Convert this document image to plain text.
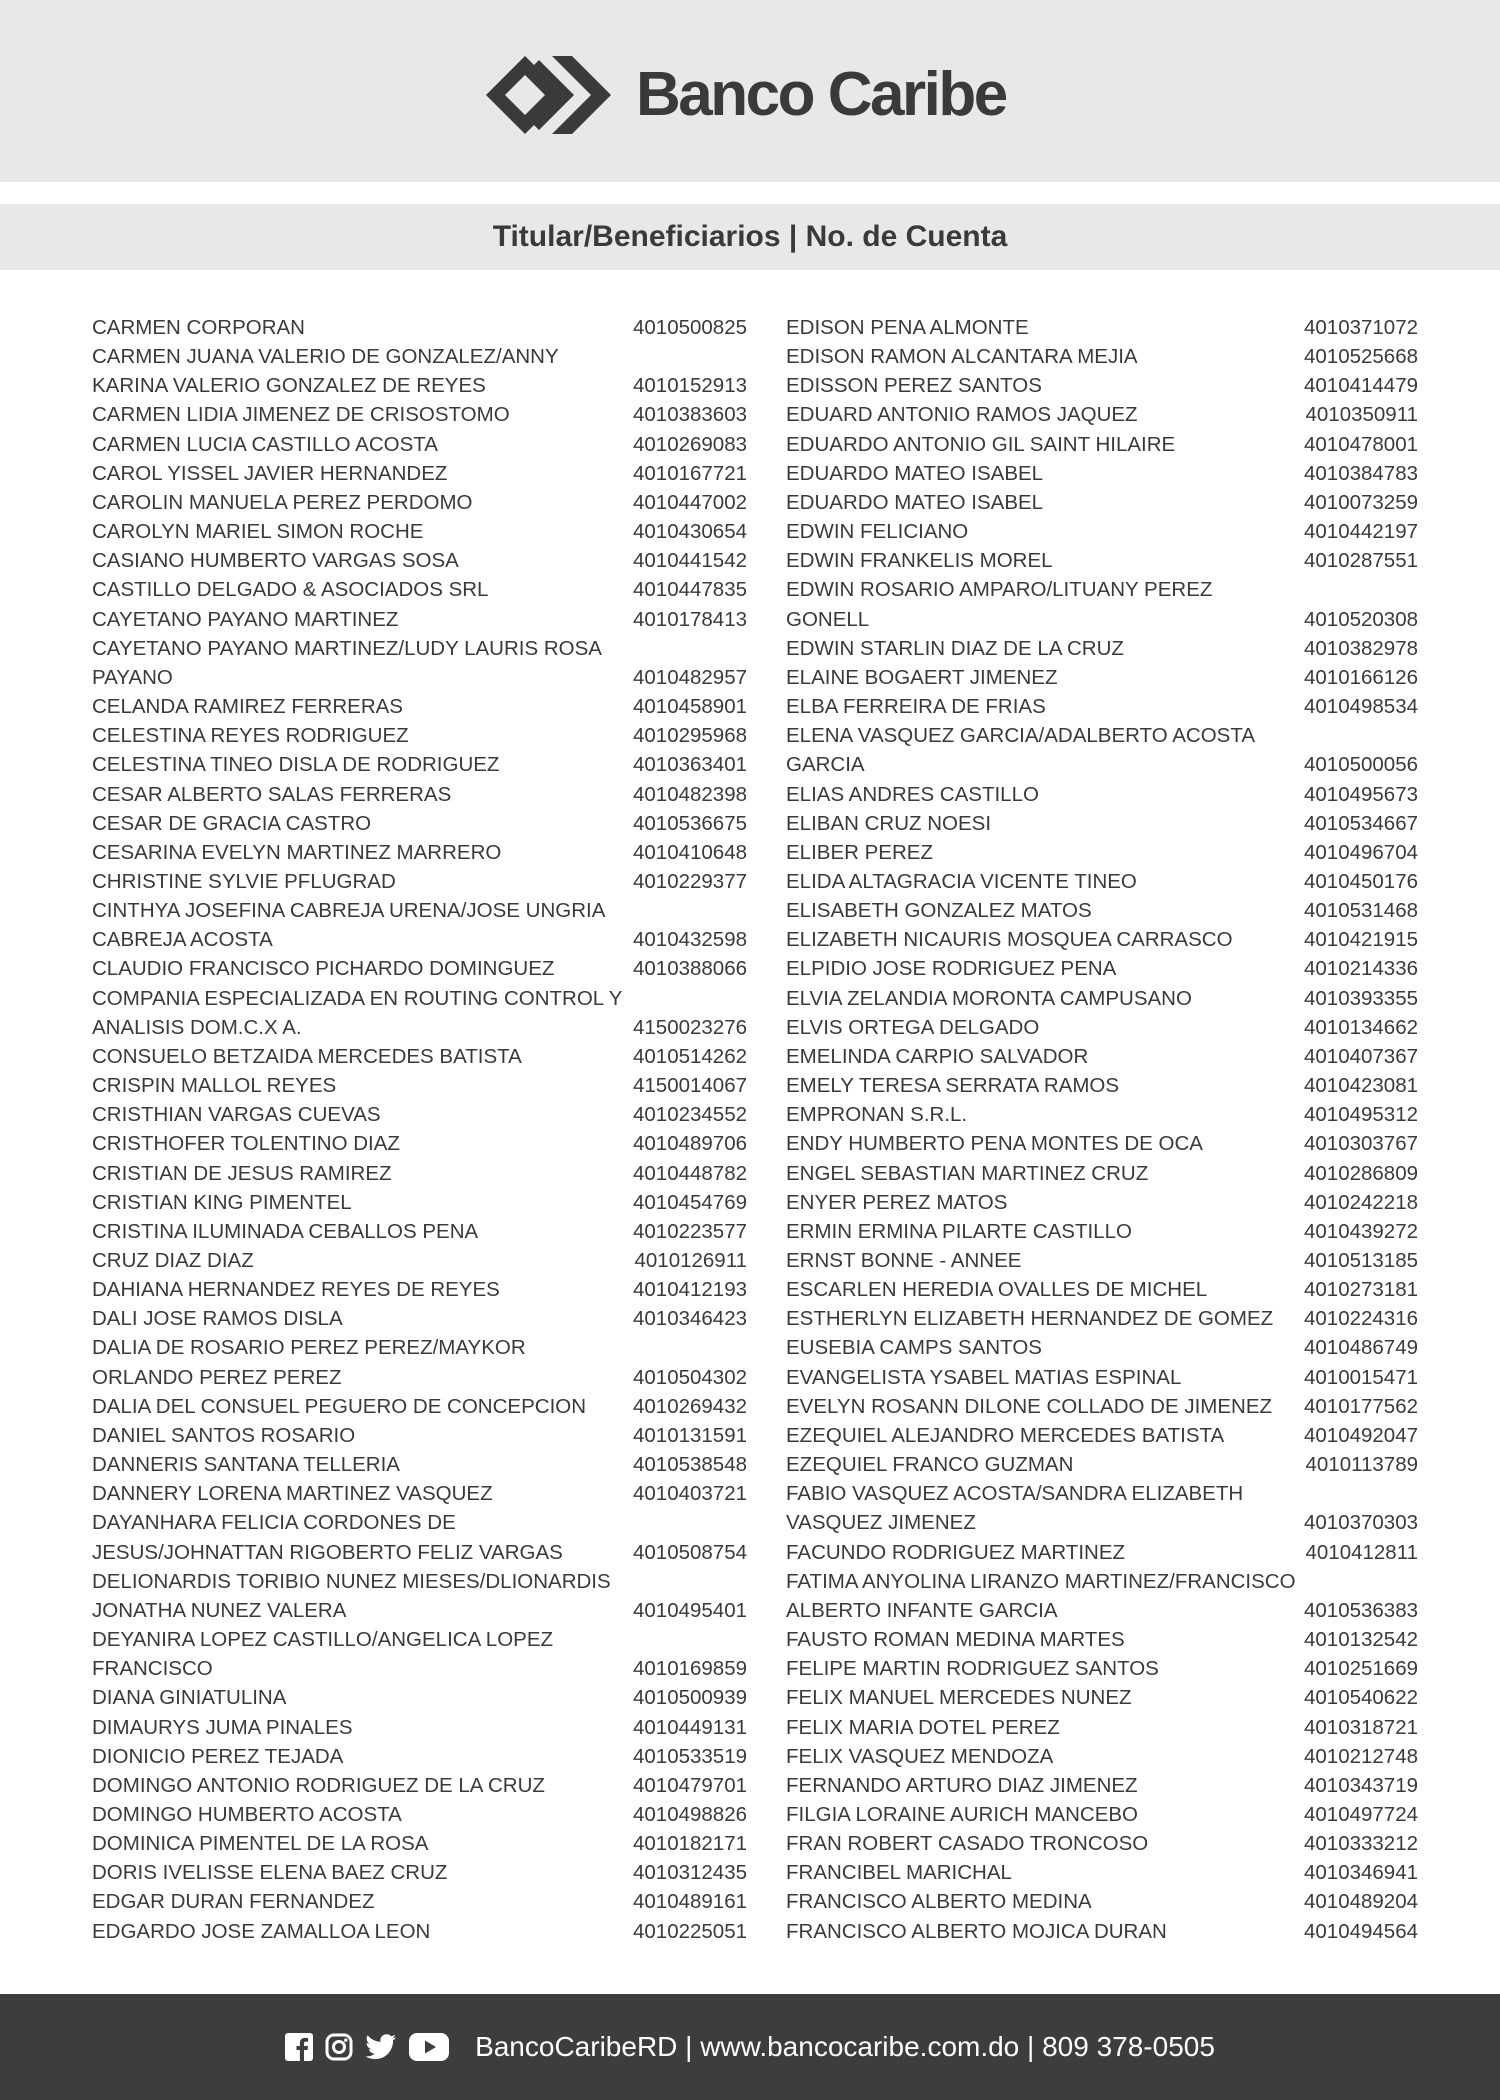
Banco Caribe
Titular/Beneficiarios | No. de Cuenta
CARMEN CORPORAN	4010500825
CARMEN JUANA VALERIO DE GONZALEZ/ANNY KARINA VALERIO GONZALEZ DE REYES	4010152913
CARMEN LIDIA JIMENEZ DE CRISOSTOMO	4010383603
CARMEN LUCIA CASTILLO ACOSTA	4010269083
CAROL YISSEL JAVIER HERNANDEZ	4010167721
CAROLIN MANUELA PEREZ PERDOMO	4010447002
CAROLYN MARIEL SIMON ROCHE	4010430654
CASIANO HUMBERTO VARGAS SOSA	4010441542
CASTILLO DELGADO & ASOCIADOS SRL	4010447835
CAYETANO PAYANO MARTINEZ	4010178413
CAYETANO PAYANO MARTINEZ/LUDY LAURIS ROSA PAYANO	4010482957
CELANDA RAMIREZ FERRERAS	4010458901
CELESTINA REYES RODRIGUEZ	4010295968
CELESTINA TINEO DISLA DE RODRIGUEZ	4010363401
CESAR ALBERTO SALAS FERRERAS	4010482398
CESAR DE GRACIA CASTRO	4010536675
CESARINA EVELYN MARTINEZ MARRERO	4010410648
CHRISTINE SYLVIE PFLUGRAD	4010229377
CINTHYA JOSEFINA CABREJA URENA/JOSE UNGRIA CABREJA ACOSTA	4010432598
CLAUDIO FRANCISCO PICHARDO DOMINGUEZ	4010388066
COMPANIA ESPECIALIZADA EN ROUTING CONTROL Y ANALISIS DOM.C.X A.	4150023276
CONSUELO BETZAIDA MERCEDES BATISTA	4010514262
CRISPIN MALLOL REYES	4150014067
CRISTHIAN VARGAS CUEVAS	4010234552
CRISTHOFER TOLENTINO DIAZ	4010489706
CRISTIAN DE JESUS RAMIREZ	4010448782
CRISTIAN KING PIMENTEL	4010454769
CRISTINA ILUMINADA CEBALLOS PENA	4010223577
CRUZ DIAZ DIAZ	4010126911
DAHIANA HERNANDEZ REYES DE REYES	4010412193
DALI JOSE RAMOS DISLA	4010346423
DALIA DE ROSARIO PEREZ PEREZ/MAYKOR ORLANDO PEREZ PEREZ	4010504302
DALIA DEL CONSUEL PEGUERO DE CONCEPCION	4010269432
DANIEL SANTOS ROSARIO	4010131591
DANNERIS SANTANA TELLERIA	4010538548
DANNERY LORENA MARTINEZ VASQUEZ	4010403721
DAYANHARA FELICIA CORDONES DE JESUS/JOHNATTAN RIGOBERTO FELIZ VARGAS	4010508754
DELIONARDIS TORIBIO NUNEZ MIESES/DLIONARDIS JONATHA NUNEZ VALERA	4010495401
DEYANIRA LOPEZ CASTILLO/ANGELICA LOPEZ FRANCISCO	4010169859
DIANA GINIATULINA	4010500939
DIMAURYS JUMA PINALES	4010449131
DIONICIO PEREZ TEJADA	4010533519
DOMINGO ANTONIO RODRIGUEZ DE LA CRUZ	4010479701
DOMINGO HUMBERTO ACOSTA	4010498826
DOMINICA PIMENTEL DE LA ROSA	4010182171
DORIS IVELISSE ELENA BAEZ CRUZ	4010312435
EDGAR DURAN FERNANDEZ	4010489161
EDGARDO JOSE ZAMALLOA LEON	4010225051
EDISON PENA ALMONTE	4010371072
EDISON RAMON ALCANTARA MEJIA	4010525668
EDISSON PEREZ SANTOS	4010414479
EDUARD ANTONIO RAMOS JAQUEZ	4010350911
EDUARDO ANTONIO GIL SAINT HILAIRE	4010478001
EDUARDO MATEO ISABEL	4010384783
EDUARDO MATEO ISABEL	4010073259
EDWIN FELICIANO	4010442197
EDWIN FRANKELIS MOREL	4010287551
EDWIN ROSARIO AMPARO/LITUANY PEREZ GONELL	4010520308
EDWIN STARLIN DIAZ DE LA CRUZ	4010382978
ELAINE BOGAERT JIMENEZ	4010166126
ELBA FERREIRA DE FRIAS	4010498534
ELENA VASQUEZ GARCIA/ADALBERTO ACOSTA GARCIA	4010500056
ELIAS ANDRES CASTILLO	4010495673
ELIBAN CRUZ NOESI	4010534667
ELIBER PEREZ	4010496704
ELIDA ALTAGRACIA VICENTE TINEO	4010450176
ELISABETH GONZALEZ MATOS	4010531468
ELIZABETH NICAURIS MOSQUEA CARRASCO	4010421915
ELPIDIO JOSE RODRIGUEZ PENA	4010214336
ELVIA ZELANDIA MORONTA CAMPUSANO	4010393355
ELVIS ORTEGA DELGADO	4010134662
EMELINDA CARPIO SALVADOR	4010407367
EMELY TERESA SERRATA RAMOS	4010423081
EMPRONAN S.R.L.	4010495312
ENDY HUMBERTO PENA MONTES DE OCA	4010303767
ENGEL SEBASTIAN MARTINEZ CRUZ	4010286809
ENYER PEREZ MATOS	4010242218
ERMIN ERMINA PILARTE CASTILLO	4010439272
ERNST BONNE - ANNEE	4010513185
ESCARLEN HEREDIA OVALLES DE MICHEL	4010273181
ESTHERLYN ELIZABETH HERNANDEZ DE GOMEZ	4010224316
EUSEBIA CAMPS SANTOS	4010486749
EVANGELISTA YSABEL MATIAS ESPINAL	4010015471
EVELYN ROSANN DILONE COLLADO DE JIMENEZ	4010177562
EZEQUIEL ALEJANDRO MERCEDES BATISTA	4010492047
EZEQUIEL FRANCO GUZMAN	4010113789
FABIO VASQUEZ ACOSTA/SANDRA ELIZABETH VASQUEZ JIMENEZ	4010370303
FACUNDO RODRIGUEZ MARTINEZ	4010412811
FATIMA ANYOLINA LIRANZO MARTINEZ/FRANCISCO ALBERTO INFANTE GARCIA	4010536383
FAUSTO ROMAN MEDINA MARTES	4010132542
FELIPE MARTIN RODRIGUEZ SANTOS	4010251669
FELIX MANUEL MERCEDES NUNEZ	4010540622
FELIX MARIA DOTEL PEREZ	4010318721
FELIX VASQUEZ MENDOZA	4010212748
FERNANDO ARTURO DIAZ JIMENEZ	4010343719
FILGIA LORAINE AURICH MANCEBO	4010497724
FRAN ROBERT CASADO TRONCOSO	4010333212
FRANCIBEL MARICHAL	4010346941
FRANCISCO ALBERTO MEDINA	4010489204
FRANCISCO ALBERTO MOJICA DURAN	4010494564
BancoCaribeRD | www.bancocaribe.com.do | 809 378-0505
